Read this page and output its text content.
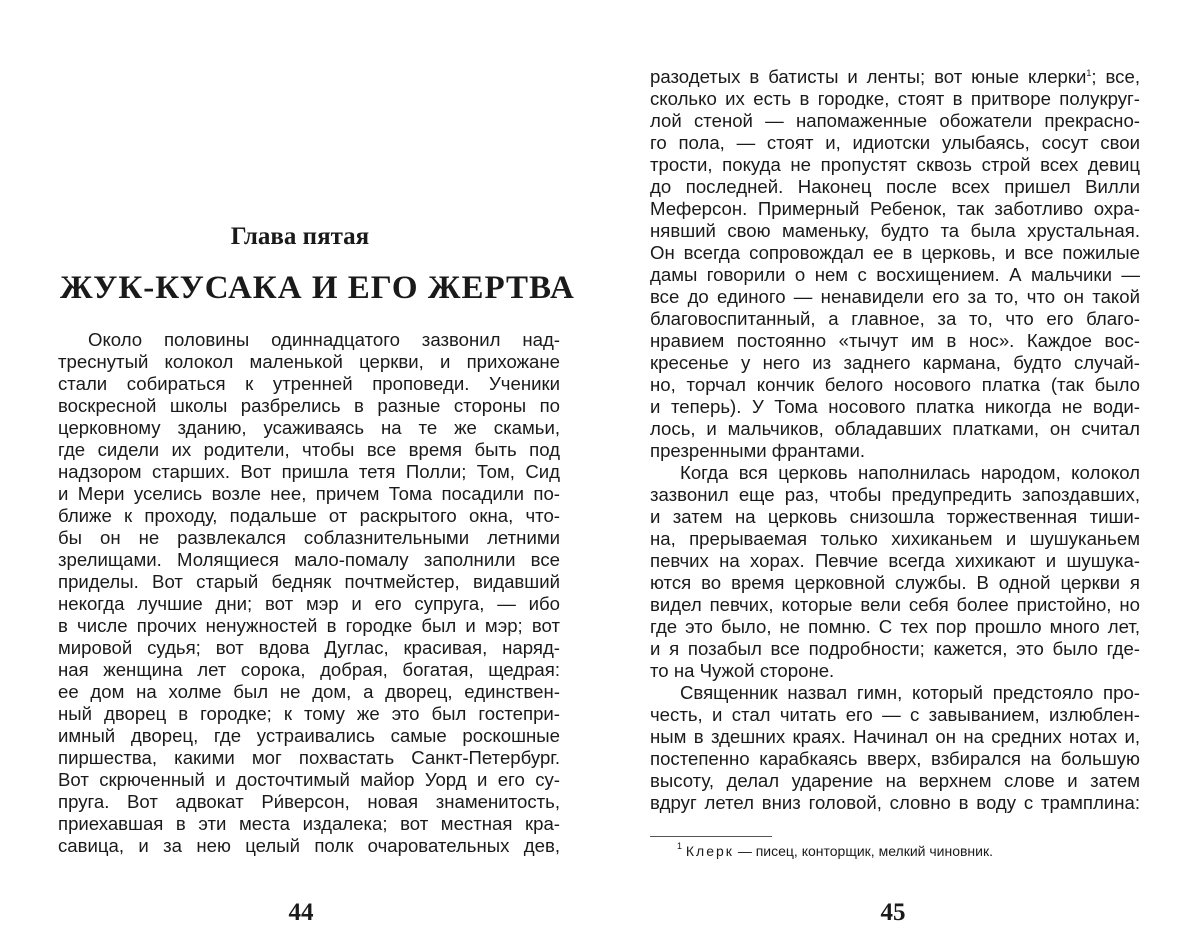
Глава пятая
ЖУК-КУСАКА И ЕГО ЖЕРТВА
Около половины одиннадцатого зазвонил над-
треснутый колокол маленькой церкви, и прихожане
стали собираться к утренней проповеди. Ученики
воскресной школы разбрелись в разные стороны по
церковному зданию, усаживаясь на те же скамьи,
где сидели их родители, чтобы все время быть под
надзором старших. Вот пришла тетя Полли; Том, Сид
и Мери уселись возле нее, причем Тома посадили по-
ближе к проходу, подальше от раскрытого окна, что-
бы он не развлекался соблазнительными летними
зрелищами. Молящиеся мало-помалу заполнили все
приделы. Вот старый бедняк почтмейстер, видавший
некогда лучшие дни; вот мэр и его супруга, — ибо
в числе прочих ненужностей в городке был и мэр; вот
мировой судья; вот вдова Дуглас, красивая, наряд-
ная женщина лет сорока, добрая, богатая, щедрая:
ее дом на холме был не дом, а дворец, единствен-
ный дворец в городке; к тому же это был гостепри-
имный дворец, где устраивались самые роскошные
пиршества, какими мог похвастать Санкт-Петербург.
Вот скрюченный и досточтимый майор Уорд и его су-
пруга. Вот адвокат Ри́версон, новая знаменитость,
приехавшая в эти места издалека; вот местная кра-
савица, и за нею целый полк очаровательных дев,
44
разодетых в батисты и ленты; вот юные клерки$^1$; все,
сколько их есть в городке, стоят в притворе полукруг-
лой стеной — напомаженные обожатели прекрасно-
го пола, — стоят и, идиотски улыбаясь, сосут свои
трости, покуда не пропустят сквозь строй всех девиц
до последней. Наконец после всех пришел Вилли
Меферсон. Примерный Ребенок, так заботливо охра-
нявший свою маменьку, будто та была хрустальная.
Он всегда сопровождал ее в церковь, и все пожилые
дамы говорили о нем с восхищением. А мальчики —
все до единого — ненавидели его за то, что он такой
благовоспитанный, а главное, за то, что его благо-
нравием постоянно «тычут им в нос». Каждое вос-
кресенье у него из заднего кармана, будто случай-
но, торчал кончик белого носового платка (так было
и теперь). У Тома носового платка никогда не води-
лось, и мальчиков, обладавших платками, он считал
презренными франтами.
Когда вся церковь наполнилась народом, колокол
зазвонил еще раз, чтобы предупредить запоздавших,
и затем на церковь снизошла торжественная тиши-
на, прерываемая только хихиканьем и шушуканьем
певчих на хорах. Певчие всегда хихикают и шушука-
ются во время церковной службы. В одной церкви я
видел певчих, которые вели себя более пристойно, но
где это было, не помню. С тех пор прошло много лет,
и я позабыл все подробности; кажется, это было где-
то на Чужой стороне.
Священник назвал гимн, который предстояло про-
честь, и стал читать его — с завыванием, излюблен-
ным в здешних краях. Начинал он на средних нотах и,
постепенно карабкаясь вверх, взбирался на большую
высоту, делал ударение на верхнем слове и затем
вдруг летел вниз головой, словно в воду с трамплина:
$^1$ Клерк — писец, конторщик, мелкий чиновник.
45
